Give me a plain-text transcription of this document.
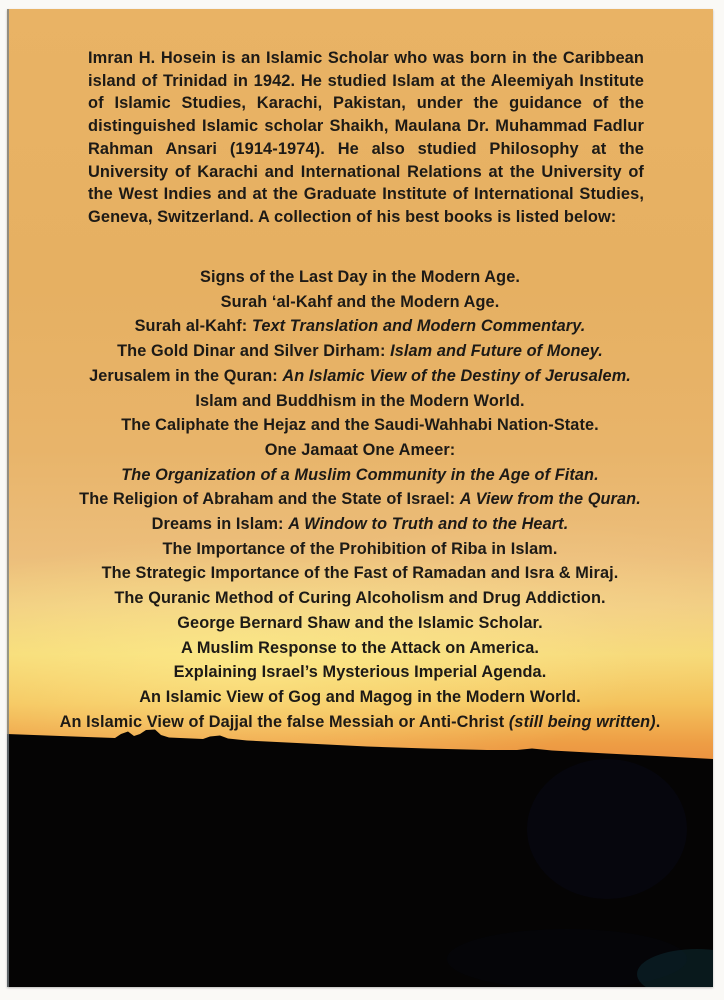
Imran H. Hosein is an Islamic Scholar who was born in the Caribbean island of Trinidad in 1942. He studied Islam at the Aleemiyah Institute of Islamic Studies, Karachi, Pakistan, under the guidance of the distinguished Islamic scholar Shaikh, Maulana Dr. Muhammad Fadlur Rahman Ansari (1914-1974). He also studied Philosophy at the University of Karachi and International Relations at the University of the West Indies and at the Graduate Institute of International Studies, Geneva, Switzerland. A collection of his best books is listed below:
Signs of the Last Day in the Modern Age.
Surah ‘al-Kahf and the Modern Age.
Surah al-Kahf: Text Translation and Modern Commentary.
The Gold Dinar and Silver Dirham: Islam and Future of Money.
Jerusalem in the Quran: An Islamic View of the Destiny of Jerusalem.
Islam and Buddhism in the Modern World.
The Caliphate the Hejaz and the Saudi-Wahhabi Nation-State.
One Jamaat One Ameer:
The Organization of a Muslim Community in the Age of Fitan.
The Religion of Abraham and the State of Israel: A View from the Quran.
Dreams in Islam: A Window to Truth and to the Heart.
The Importance of the Prohibition of Riba in Islam.
The Strategic Importance of the Fast of Ramadan and Isra & Miraj.
The Quranic Method of Curing Alcoholism and Drug Addiction.
George Bernard Shaw and the Islamic Scholar.
A Muslim Response to the Attack on America.
Explaining Israel’s Mysterious Imperial Agenda.
An Islamic View of Gog and Magog in the Modern World.
An Islamic View of Dajjal the false Messiah or Anti-Christ (still being written).
